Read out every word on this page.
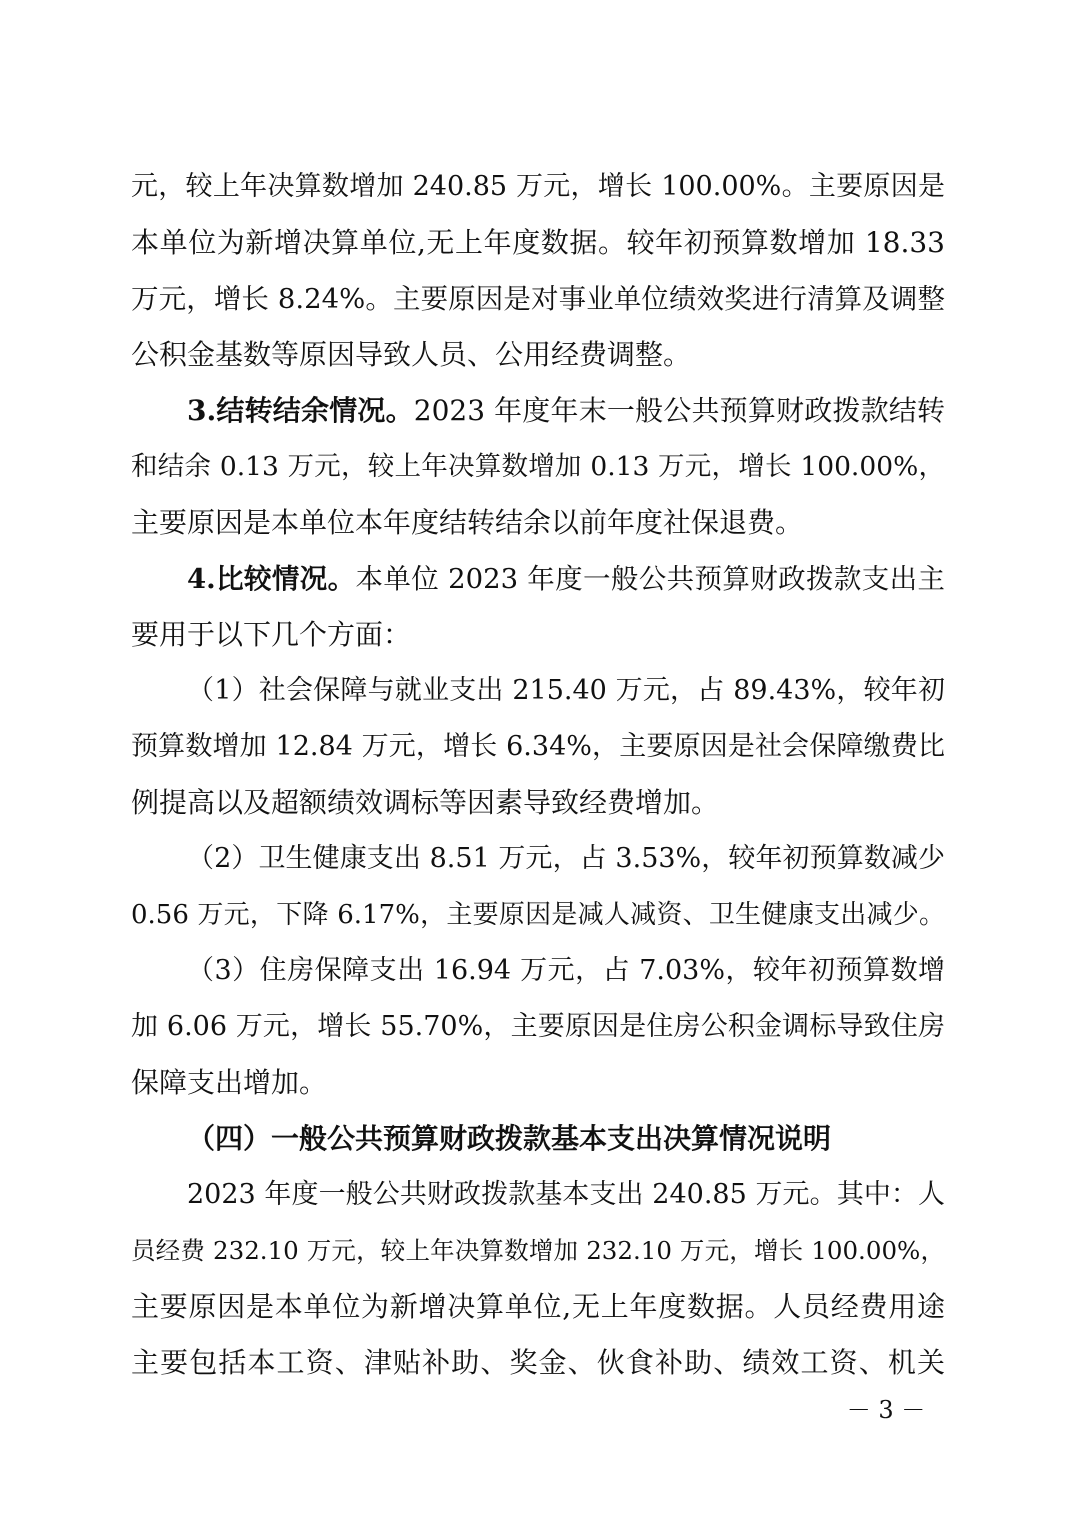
元，较上年决算数增加 240.85 万元，增长 100.00%。主要原因是
本单位为新增决算单位,无上年度数据。较年初预算数增加 18.33
万元，增长 8.24%。主要原因是对事业单位绩效奖进行清算及调整
公积金基数等原因导致人员、公用经费调整。
3.结转结余情况。2023 年度年末一般公共预算财政拨款结转
和结余 0.13 万元，较上年决算数增加 0.13 万元，增长 100.00%，
主要原因是本单位本年度结转结余以前年度社保退费。
4.比较情况。本单位 2023 年度一般公共预算财政拨款支出主
要用于以下几个方面：
（1）社会保障与就业支出 215.40 万元，占 89.43%，较年初
预算数增加 12.84 万元，增长 6.34%，主要原因是社会保障缴费比
例提高以及超额绩效调标等因素导致经费增加。
（2）卫生健康支出 8.51 万元，占 3.53%，较年初预算数减少
0.56 万元，下降 6.17%，主要原因是减人减资、卫生健康支出减少。
（3）住房保障支出 16.94 万元，占 7.03%，较年初预算数增
加 6.06 万元，增长 55.70%，主要原因是住房公积金调标导致住房
保障支出增加。
（四）一般公共预算财政拨款基本支出决算情况说明
2023 年度一般公共财政拨款基本支出 240.85 万元。其中：人
员经费 232.10 万元，较上年决算数增加 232.10 万元，增长 100.00%，
主要原因是本单位为新增决算单位,无上年度数据。人员经费用途
主要包括本工资、津贴补助、奖金、伙食补助、绩效工资、机关
－ 3 －
